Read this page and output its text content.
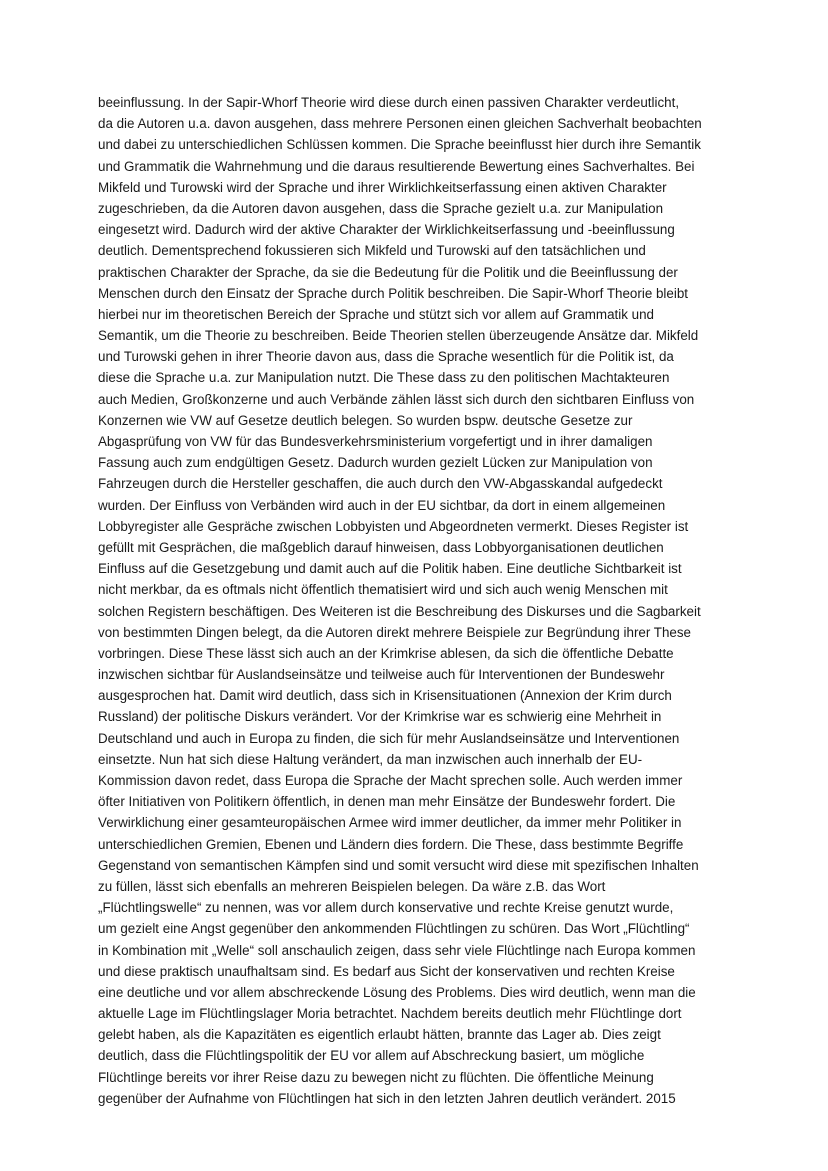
beeinflussung. In der Sapir-Whorf Theorie wird diese durch einen passiven Charakter verdeutlicht,
da die Autoren u.a. davon ausgehen, dass mehrere Personen einen gleichen Sachverhalt beobachten
und dabei zu unterschiedlichen Schlüssen kommen. Die Sprache beeinflusst hier durch ihre Semantik
und Grammatik die Wahrnehmung und die daraus resultierende Bewertung eines Sachverhaltes. Bei
Mikfeld und Turowski wird der Sprache und ihrer Wirklichkeitserfassung einen aktiven Charakter
zugeschrieben, da die Autoren davon ausgehen, dass die Sprache gezielt u.a. zur Manipulation
eingesetzt wird. Dadurch wird der aktive Charakter der Wirklichkeitserfassung und -beeinflussung
deutlich. Dementsprechend fokussieren sich Mikfeld und Turowski auf den tatsächlichen und
praktischen Charakter der Sprache, da sie die Bedeutung für die Politik und die Beeinflussung der
Menschen durch den Einsatz der Sprache durch Politik beschreiben. Die Sapir-Whorf Theorie bleibt
hierbei nur im theoretischen Bereich der Sprache und stützt sich vor allem auf Grammatik und
Semantik, um die Theorie zu beschreiben. Beide Theorien stellen überzeugende Ansätze dar. Mikfeld
und Turowski gehen in ihrer Theorie davon aus, dass die Sprache wesentlich für die Politik ist, da
diese die Sprache u.a. zur Manipulation nutzt. Die These dass zu den politischen Machtakteuren
auch Medien, Großkonzerne und auch Verbände zählen lässt sich durch den sichtbaren Einfluss von
Konzernen wie VW auf Gesetze deutlich belegen. So wurden bspw. deutsche Gesetze zur
Abgasprüfung von VW für das Bundesverkehrsministerium vorgefertigt und in ihrer damaligen
Fassung auch zum endgültigen Gesetz. Dadurch wurden gezielt Lücken zur Manipulation von
Fahrzeugen durch die Hersteller geschaffen, die auch durch den VW-Abgasskandal aufgedeckt
wurden. Der Einfluss von Verbänden wird auch in der EU sichtbar, da dort in einem allgemeinen
Lobbyregister alle Gespräche zwischen Lobbyisten und Abgeordneten vermerkt. Dieses Register ist
gefüllt mit Gesprächen, die maßgeblich darauf hinweisen, dass Lobbyorganisationen deutlichen
Einfluss auf die Gesetzgebung und damit auch auf die Politik haben. Eine deutliche Sichtbarkeit ist
nicht merkbar, da es oftmals nicht öffentlich thematisiert wird und sich auch wenig Menschen mit
solchen Registern beschäftigen. Des Weiteren ist die Beschreibung des Diskurses und die Sagbarkeit
von bestimmten Dingen belegt, da die Autoren direkt mehrere Beispiele zur Begründung ihrer These
vorbringen. Diese These lässt sich auch an der Krimkrise ablesen, da sich die öffentliche Debatte
inzwischen sichtbar für Auslandseinsätze und teilweise auch für Interventionen der Bundeswehr
ausgesprochen hat. Damit wird deutlich, dass sich in Krisensituationen (Annexion der Krim durch
Russland) der politische Diskurs verändert. Vor der Krimkrise war es schwierig eine Mehrheit in
Deutschland und auch in Europa zu finden, die sich für mehr Auslandseinsätze und Interventionen
einsetzte. Nun hat sich diese Haltung verändert, da man inzwischen auch innerhalb der EU-
Kommission davon redet, dass Europa die Sprache der Macht sprechen solle. Auch werden immer
öfter Initiativen von Politikern öffentlich, in denen man mehr Einsätze der Bundeswehr fordert. Die
Verwirklichung einer gesamteuropäischen Armee wird immer deutlicher, da immer mehr Politiker in
unterschiedlichen Gremien, Ebenen und Ländern dies fordern. Die These, dass bestimmte Begriffe
Gegenstand von semantischen Kämpfen sind und somit versucht wird diese mit spezifischen Inhalten
zu füllen, lässt sich ebenfalls an mehreren Beispielen belegen. Da wäre z.B. das Wort
„Flüchtlingswelle“ zu nennen, was vor allem durch konservative und rechte Kreise genutzt wurde,
um gezielt eine Angst gegenüber den ankommenden Flüchtlingen zu schüren. Das Wort „Flüchtling“
in Kombination mit „Welle“ soll anschaulich zeigen, dass sehr viele Flüchtlinge nach Europa kommen
und diese praktisch unaufhaltsam sind. Es bedarf aus Sicht der konservativen und rechten Kreise
eine deutliche und vor allem abschreckende Lösung des Problems. Dies wird deutlich, wenn man die
aktuelle Lage im Flüchtlingslager Moria betrachtet. Nachdem bereits deutlich mehr Flüchtlinge dort
gelebt haben, als die Kapazitäten es eigentlich erlaubt hätten, brannte das Lager ab. Dies zeigt
deutlich, dass die Flüchtlingspolitik der EU vor allem auf Abschreckung basiert, um mögliche
Flüchtlinge bereits vor ihrer Reise dazu zu bewegen nicht zu flüchten. Die öffentliche Meinung
gegenüber der Aufnahme von Flüchtlingen hat sich in den letzten Jahren deutlich verändert. 2015
